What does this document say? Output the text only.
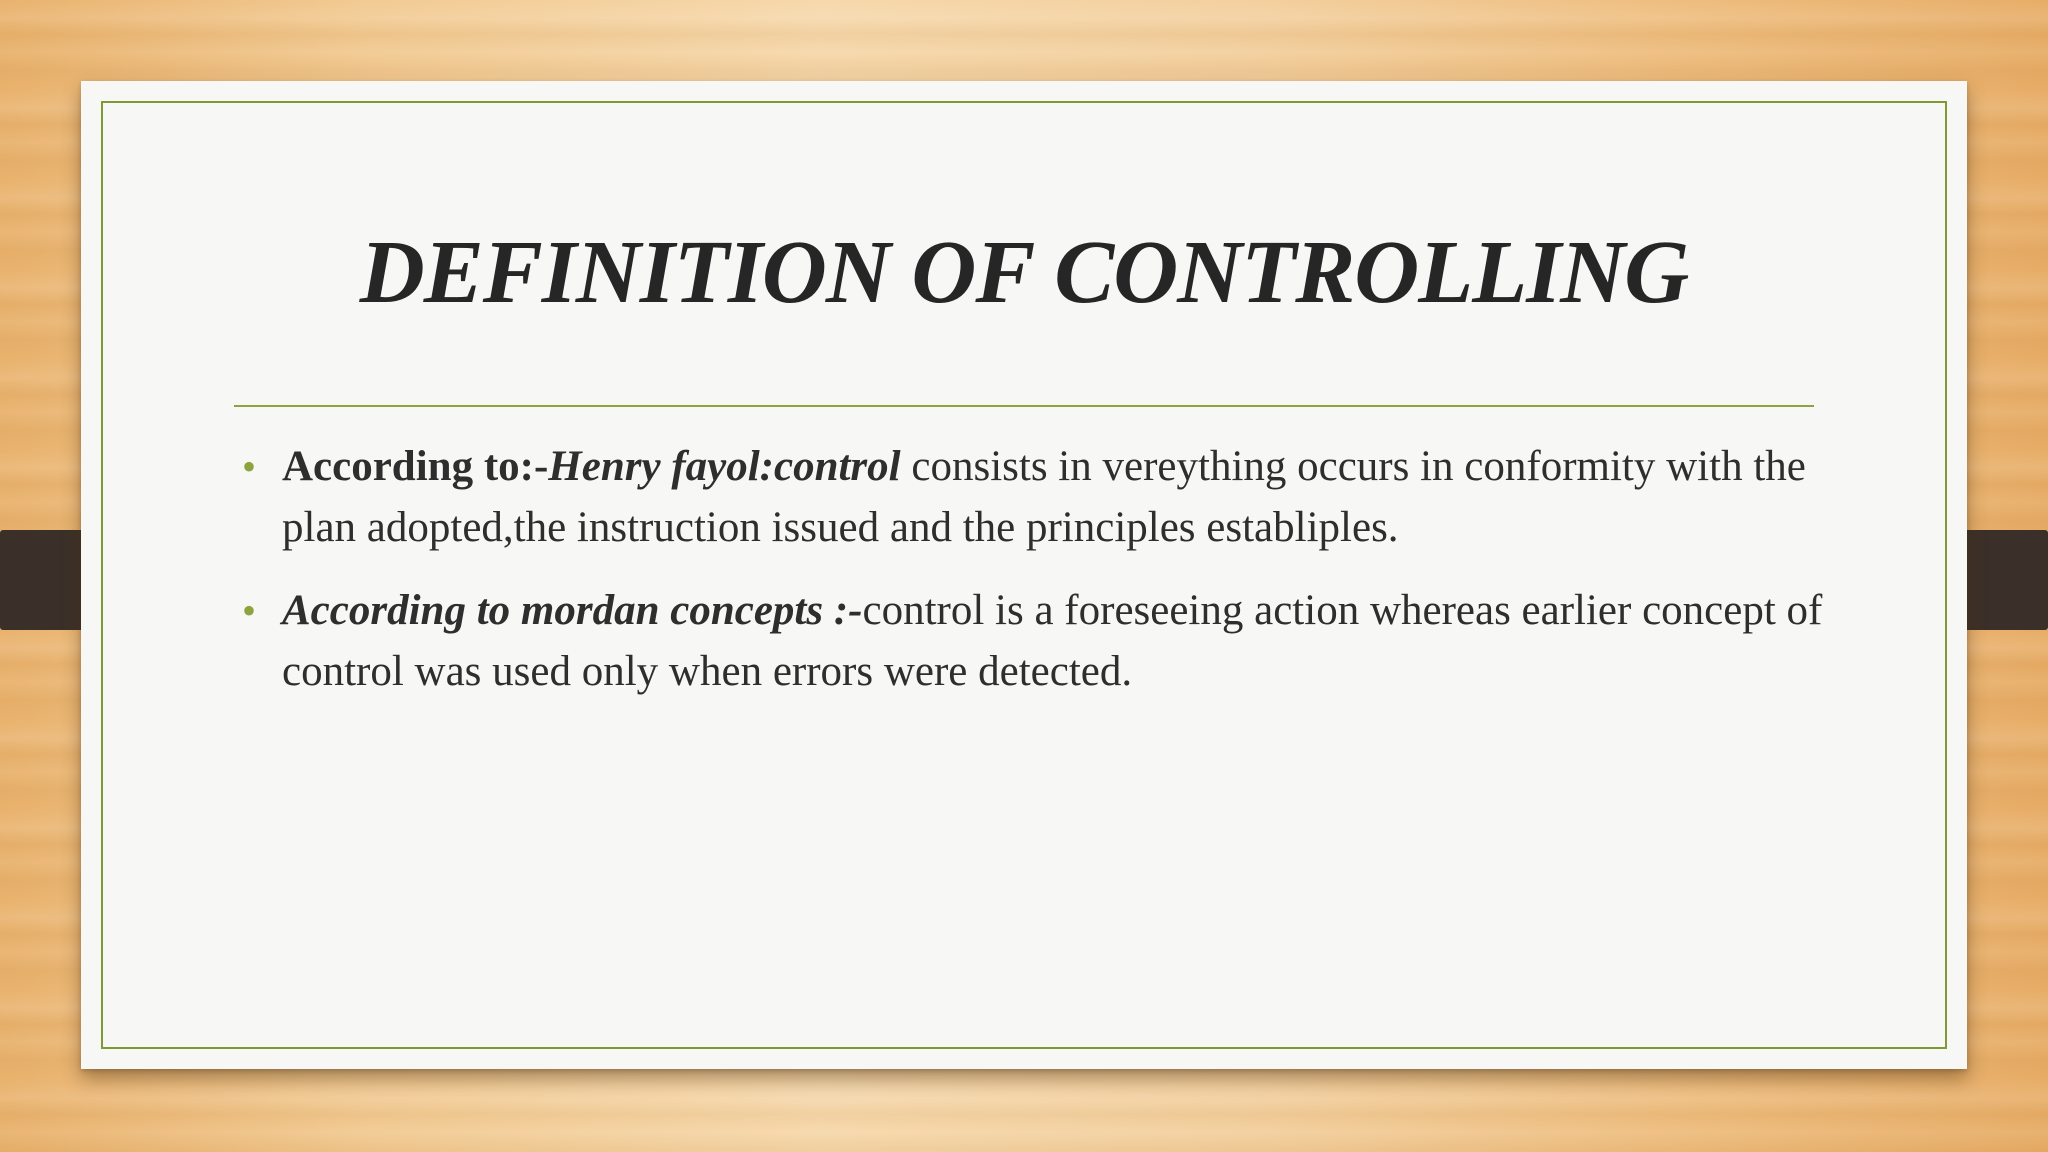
DEFINITION OF CONTROLLING
• According to:-Henry fayol:control consists in vereything occurs in conformity with the plan adopted,the instruction issued and the principles establiples.
• According to mordan concepts :-control is a foreseeing action whereas earlier concept of control was used only when errors were detected.
